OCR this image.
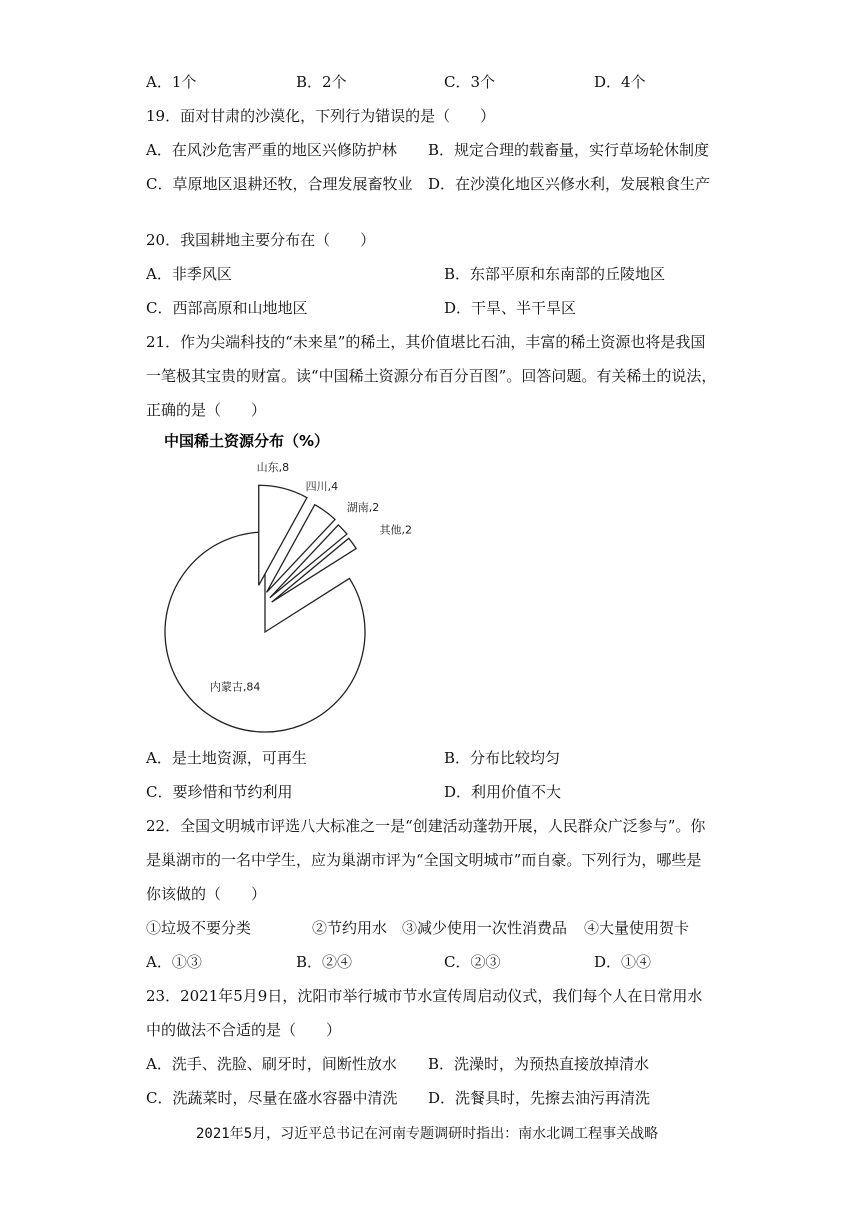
A．1个	B．2个	C．3个	D．4个
19．面对甘肃的沙漠化，下列行为错误的是（　　）
A．在风沙危害严重的地区兴修防护林 B．规定合理的载畜量，实行草场轮休制度
C．草原地区退耕还牧，合理发展畜牧业 D．在沙漠化地区兴修水利，发展粮食生产
20．我国耕地主要分布在（　　）
A．非季风区	B．东部平原和东南部的丘陵地区
C．西部高原和山地地区	D．干旱、半干旱区
21．作为尖端科技的“未来星”的稀土，其价值堪比石油，丰富的稀土资源也将是我国
一笔极其宝贵的财富。读“中国稀土资源分布百分百图”。回答问题。有关稀土的说法，
正确的是（　　）
中国稀土资源分布（%）
内蒙古,84
山东,8
四川,4
湖南,2
其他,2
A．是土地资源，可再生	B．分布比较均匀
C．要珍惜和节约利用	D．利用价值不大
22．全国文明城市评选八大标准之一是“创建活动蓬勃开展，人民群众广泛参与”。你
是巢湖市的一名中学生，应为巢湖市评为“全国文明城市”而自豪。下列行为，哪些是
你该做的（　　）
①垃圾不要分类	②节约用水 ③减少使用一次性消费品 ④大量使用贺卡
A．①③	B．②④	C．②③	D．①④
23．2021年5月9日，沈阳市举行城市节水宣传周启动仪式，我们每个人在日常用水
中的做法不合适的是（　　）
A．洗手、洗脸、刷牙时，间断性放水 B．洗澡时，为预热直接放掉清水
C．洗蔬菜时，尽量在盛水容器中清洗 D．洗餐具时，先擦去油污再清洗
2021年5月，习近平总书记在河南专题调研时指出：南水北调工程事关战略
